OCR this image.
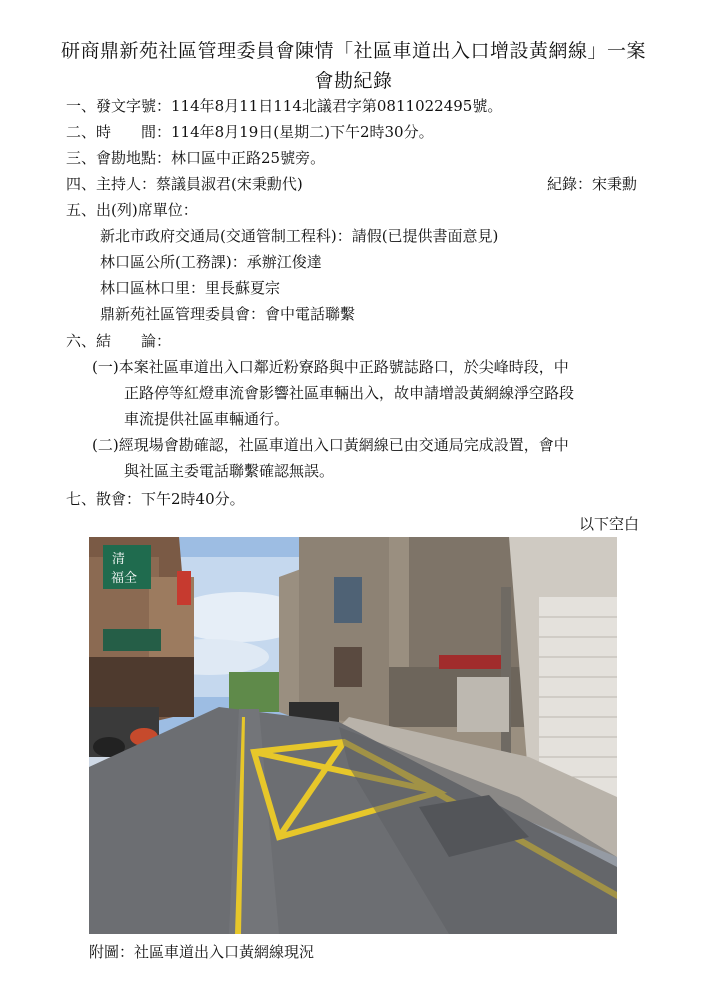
研商鼎新苑社區管理委員會陳情「社區車道出入口增設黃網線」一案
會勘紀錄
一、發文字號：114年8月11日114北議君字第0811022495號。
二、時　　間：114年8月19日(星期二)下午2時30分。
三、會勘地點：林口區中正路25號旁。
四、主持人：蔡議員淑君(宋秉勳代)	紀錄：宋秉勳
五、出(列)席單位：
新北市政府交通局(交通管制工程科)：請假(已提供書面意見)
林口區公所(工務課)：承辦江俊達
林口區林口里：里長蘇夏宗
鼎新苑社區管理委員會：會中電話聯繫
六、結　　論：
(一)本案社區車道出入口鄰近粉寮路與中正路號誌路口，於尖峰時段，中
正路停等紅燈車流會影響社區車輛出入，故申請增設黃網線淨空路段
車流提供社區車輛通行。
(二)經現場會勘確認，社區車道出入口黃網線已由交通局完成設置，會中
與社區主委電話聯繫確認無誤。
七、散會：下午2時40分。
以下空白
清
福全
附圖：社區車道出入口黃網線現況
